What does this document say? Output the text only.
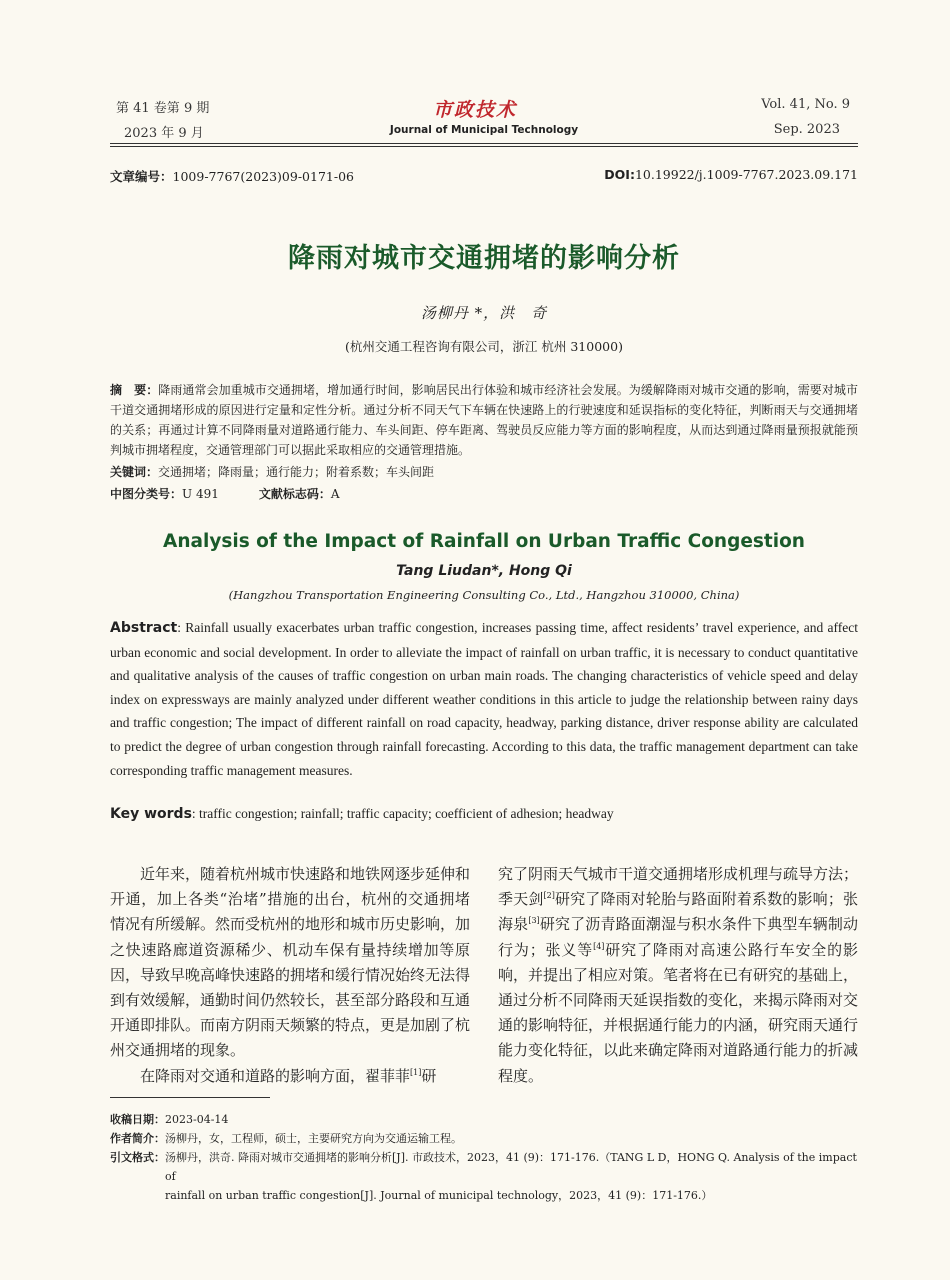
第 41 卷第 9 期
2023 年 9 月
市政技术
Journal of Municipal Technology
Vol. 41, No. 9
Sep. 2023
文章编号：1009-7767(2023)09-0171-06	DOI:10.19922/j.1009-7767.2023.09.171
降雨对城市交通拥堵的影响分析
汤柳丹 *，洪　奇
(杭州交通工程咨询有限公司，浙江 杭州 310000)
摘　要：降雨通常会加重城市交通拥堵，增加通行时间，影响居民出行体验和城市经济社会发展。为缓解降雨对城市交通的影响，需要对城市干道交通拥堵形成的原因进行定量和定性分析。通过分析不同天气下车辆在快速路上的行驶速度和延误指标的变化特征，判断雨天与交通拥堵的关系；再通过计算不同降雨量对道路通行能力、车头间距、停车距离、驾驶员反应能力等方面的影响程度，从而达到通过降雨量预报就能预判城市拥堵程度，交通管理部门可以据此采取相应的交通管理措施。
关键词：交通拥堵；降雨量；通行能力；附着系数；车头间距
中图分类号：U 491	文献标志码：A
Analysis of the Impact of Rainfall on Urban Traffic Congestion
Tang Liudan*, Hong Qi
(Hangzhou Transportation Engineering Consulting Co., Ltd., Hangzhou 310000, China)
Abstract: Rainfall usually exacerbates urban traffic congestion, increases passing time, affect residents’ travel experience, and affect urban economic and social development. In order to alleviate the impact of rainfall on urban traffic, it is necessary to conduct quantitative and qualitative analysis of the causes of traffic congestion on urban main roads. The changing characteristics of vehicle speed and delay index on expressways are mainly analyzed under different weather conditions in this article to judge the relationship between rainy days and traffic congestion; The impact of different rainfall on road capacity, headway, parking distance, driver response ability are calculated to predict the degree of urban congestion through rainfall forecasting. According to this data, the traffic management department can take corresponding traffic management measures.
Key words: traffic congestion; rainfall; traffic capacity; coefficient of adhesion; headway

近年来，随着杭州城市快速路和地铁网逐步延伸和开通，加上各类“治堵”措施的出台，杭州的交通拥堵情况有所缓解。然而受杭州的地形和城市历史影响，加之快速路廊道资源稀少、机动车保有量持续增加等原因，导致早晚高峰快速路的拥堵和缓行情况始终无法得到有效缓解，通勤时间仍然较长，甚至部分路段和互通开通即排队。而南方阴雨天频繁的特点，更是加剧了杭州交通拥堵的现象。

在降雨对交通和道路的影响方面，翟菲菲[1]研

究了阴雨天气城市干道交通拥堵形成机理与疏导方法；季天剑[2]研究了降雨对轮胎与路面附着系数的影响；张海泉[3]研究了沥青路面潮湿与积水条件下典型车辆制动行为；张义等[4]研究了降雨对高速公路行车安全的影响，并提出了相应对策。笔者将在已有研究的基础上，通过分析不同降雨天延误指数的变化，来揭示降雨对交通的影响特征，并根据通行能力的内涵，研究雨天通行能力变化特征，以此来确定降雨对道路通行能力的折减程度。
收稿日期：2023-04-14
作者简介：汤柳丹，女，工程师，硕士，主要研究方向为交通运输工程。
引文格式： 汤柳丹，洪奇. 降雨对城市交通拥堵的影响分析[J]. 市政技术，2023，41 (9)：171-176.（TANG L D，HONG Q. Analysis of the impact of
rainfall on urban traffic congestion[J]. Journal of municipal technology，2023，41 (9)：171-176.）
